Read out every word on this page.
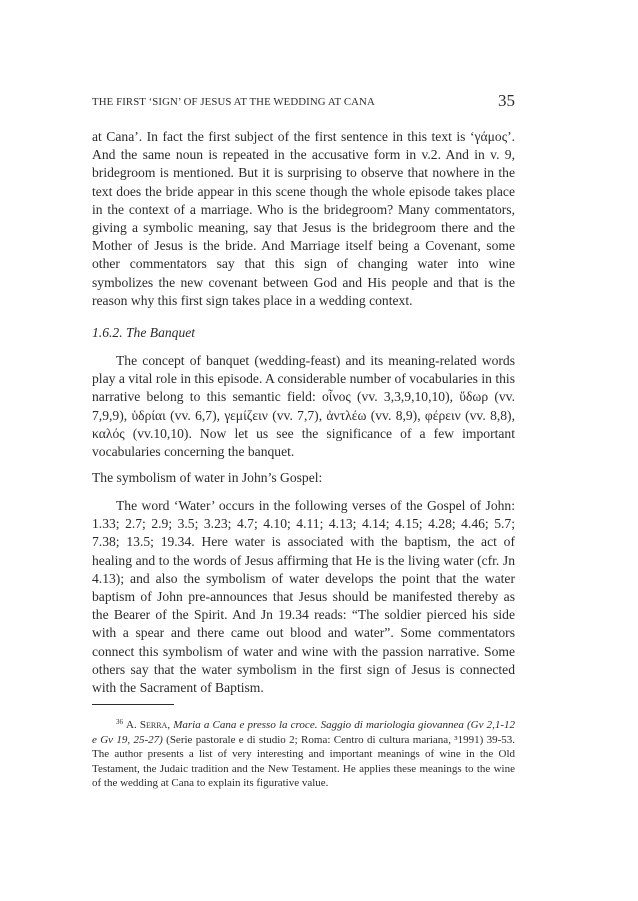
THE FIRST ‘SIGN’ OF JESUS AT THE WEDDING AT CANA	35

at Cana’. In fact the first subject of the first sentence in this text is ‘γάμος’. And the same noun is repeated in the accusative form in v.2. And in v. 9, bridegroom is mentioned. But it is surprising to observe that nowhere in the text does the bride appear in this scene though the whole episode takes place in the context of a marriage. Who is the bridegroom? Many commentators, giving a symbolic meaning, say that Jesus is the bridegroom there and the Mother of Jesus is the bride. And Marriage itself being a Covenant, some other commentators say that this sign of changing water into wine symbolizes the new covenant between God and His people and that is the reason why this first sign takes place in a wedding context.

1.6.2. The Banquet

The concept of banquet (wedding-feast) and its meaning-related words play a vital role in this episode. A considerable number of vocabularies in this narrative belong to this semantic field: οἶνος (vv. 3,3,9,10,10), ὕδωρ (vv. 7,9,9), ὑδρίαι (vv. 6,7), γεμίζειν (vv. 7,7), ἀντλέω (vv. 8,9), φέρειν (vv. 8,8), καλός (vv.10,10). Now let us see the significance of a few important vocabularies concerning the banquet.

The symbolism of water in John’s Gospel:

The word ‘Water’ occurs in the following verses of the Gospel of John: 1.33; 2.7; 2.9; 3.5; 3.23; 4.7; 4.10; 4.11; 4.13; 4.14; 4.15; 4.28; 4.46; 5.7; 7.38; 13.5; 19.34. Here water is associated with the baptism, the act of healing and to the words of Jesus affirming that He is the living water (cfr. Jn 4.13); and also the symbolism of water develops the point that the water baptism of John pre-announces that Jesus should be manifested thereby as the Bearer of the Spirit. And Jn 19.34 reads: “The soldier pierced his side with a spear and there came out blood and water”. Some commentators connect this symbolism of water and wine with the passion narrative. Some others say that the water symbolism in the first sign of Jesus is connected with the Sacrament of Baptism.

$^{36}$ A. Serra, Maria a Cana e presso la croce. Saggio di mariologia giovannea (Gv 2,1-12 e Gv 19, 25-27) (Serie pastorale e di studio 2; Roma: Centro di cultura mariana, ³1991) 39-53. The author presents a list of very interesting and important meanings of wine in the Old Testament, the Judaic tradition and the New Testament. He applies these meanings to the wine of the wedding at Cana to explain its figurative value.
